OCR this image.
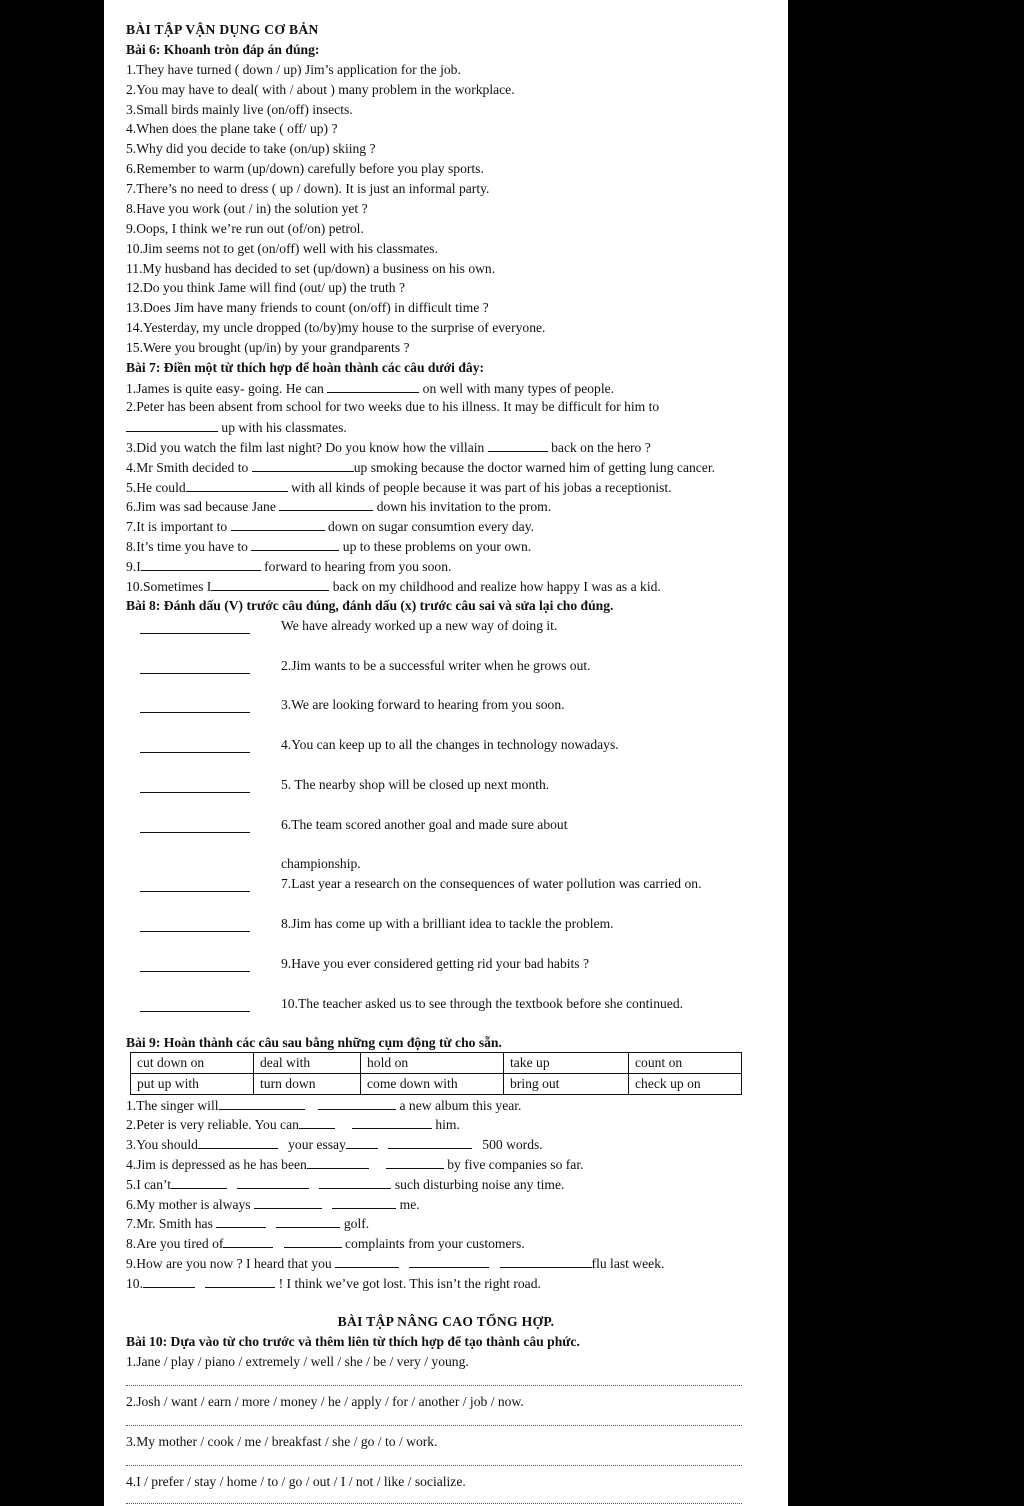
BÀI TẬP VẬN DỤNG CƠ BẢN
Bài 6: Khoanh tròn đáp án đúng:
1.They have turned ( down / up) Jim’s application for the job.
2.You may have to deal( with / about ) many problem in the workplace.
3.Small birds mainly live (on/off) insects.
4.When does the plane take ( off/ up) ?
5.Why did you decide to take (on/up) skiing ?
6.Remember to warm (up/down) carefully before you play sports.
7.There’s no need to dress ( up / down). It is just an informal party.
8.Have you work (out / in) the solution yet ?
9.Oops, I think we’re run out (of/on) petrol.
10.Jim seems not to get (on/off) well with his classmates.
11.My husband has decided to set (up/down) a business on his own.
12.Do you think Jame will find (out/ up) the truth ?
13.Does Jim have many friends to count (on/off) in difficult time ?
14.Yesterday, my uncle dropped (to/by)my house to the surprise of everyone.
15.Were you brought (up/in) by your grandparents ?
Bài 7: Điền một từ thích hợp để hoàn thành các câu dưới đây:
1.James is quite easy- going. He can	on well with many types of people.
2.Peter has been absent from school for two weeks due to his illness. It may be difficult for him to
up with his classmates.
3.Did you watch the film last night? Do you know how the villain	back on the hero ?
4.Mr Smith decided to	up smoking because the doctor warned him of getting lung cancer.
5.He could	with all kinds of people because it was part of his jobas a receptionist.
6.Jim was sad because Jane	down his invitation to the prom.
7.It is important to	down on sugar consumtion every day.
8.It’s time you have to	up to these problems on your own.
9.I	forward to hearing from you soon.
10.Sometimes I	back on my childhood and realize how happy I was as a kid.
Bài 8: Đánh dấu (V) trước câu đúng, đánh dấu (x) trước câu sai và sửa lại cho đúng.
We have already worked up a new way of doing it.
2.Jim wants to be a successful writer when he grows out.
3.We are looking forward to hearing from you soon.
4.You can keep up to all the changes in technology nowadays.
5. The nearby shop will be closed up next month.
6.The team scored another goal and made sure about
championship.
7.Last year a research on the consequences of water pollution was carried on.
8.Jim has come up with a brilliant idea to tackle the problem.
9.Have you ever considered getting rid your bad habits ?
10.The teacher asked us to see through the textbook before she continued.
Bài 9: Hoàn thành các câu sau bằng những cụm động từ cho sẵn.
cut down on	deal with	hold on	take up	count on
put up with	turn down	come down with	bring out	check up on
1.The singer will	a new album this year.
2.Peter is very reliable. You can	him.
3.You should	your essay	500 words.
4.Jim is depressed as he has been	by five companies so far.
5.I can’t	such disturbing noise any time.
6.My mother is always	me.
7.Mr. Smith has	golf.
8.Are you tired of	complaints from your customers.
9.How are you now ? I heard that you	flu last week.
10.	! I think we’ve got lost. This isn’t the right road.
BÀI TẬP NÂNG CAO TỔNG HỢP.
Bài 10: Dựa vào từ cho trước và thêm liên từ thích hợp để tạo thành câu phức.
1.Jane / play / piano / extremely / well / she / be / very / young.
2.Josh / want / earn / more / money / he / apply / for / another / job / now.
3.My mother / cook / me / breakfast / she / go / to / work.
4.I / prefer / stay / home / to / go / out / I / not / like / socialize.
